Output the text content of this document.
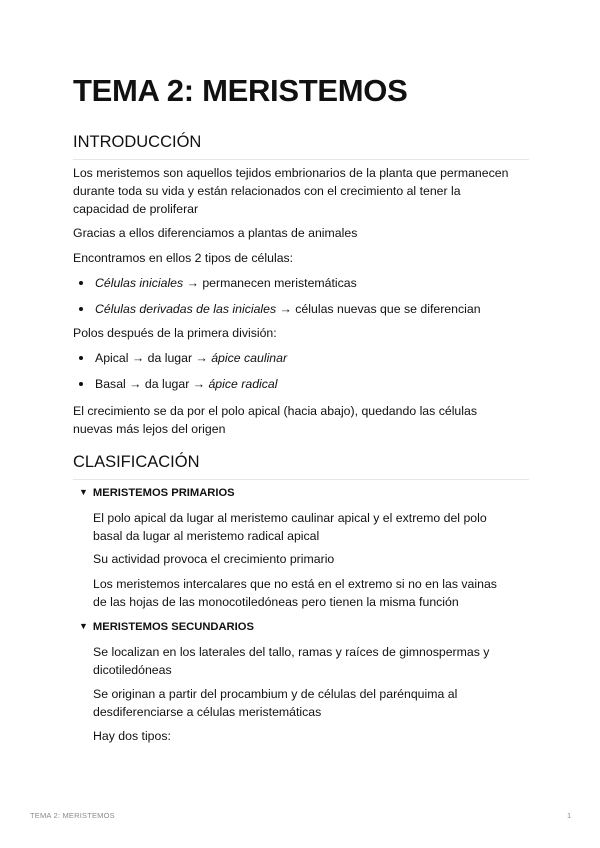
TEMA 2: MERISTEMOS
INTRODUCCIÓN
Los meristemos son aquellos tejidos embrionarios de la planta que permanecen
durante toda su vida y están relacionados con el crecimiento al tener la
capacidad de proliferar
Gracias a ellos diferenciamos a plantas de animales
Encontramos en ellos 2 tipos de células:
Células iniciales → permanecen meristemáticas
Células derivadas de las iniciales → células nuevas que se diferencian
Polos después de la primera división:
Apical → da lugar → ápice caulinar
Basal → da lugar → ápice radical
El crecimiento se da por el polo apical (hacia abajo), quedando las células
nuevas más lejos del origen
CLASIFICACIÓN
▼ MERISTEMOS PRIMARIOS
El polo apical da lugar al meristemo caulinar apical y el extremo del polo
basal da lugar al meristemo radical apical
Su actividad provoca el crecimiento primario
Los meristemos intercalares que no está en el extremo si no en las vainas
de las hojas de las monocotiledóneas pero tienen la misma función
▼ MERISTEMOS SECUNDARIOS
Se localizan en los laterales del tallo, ramas y raíces de gimnospermas y
dicotiledóneas
Se originan a partir del procambium y de células del parénquima al
desdiferenciarse a células meristemáticas
Hay dos tipos:
TEMA 2: MERISTEMOS	1
